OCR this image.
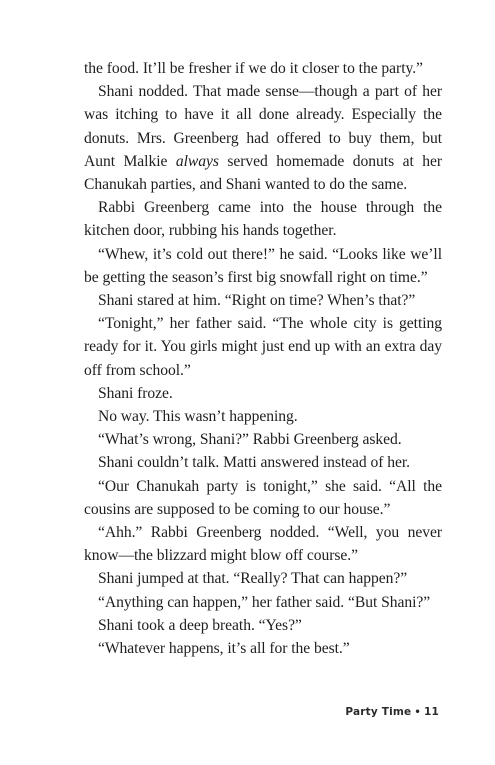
the food. It’ll be fresher if we do it closer to the party.”

Shani nodded. That made sense—though a part of her was itching to have it all done already. Especially the donuts. Mrs. Greenberg had offered to buy them, but Aunt Malkie always served homemade donuts at her Chanukah parties, and Shani wanted to do the same.

Rabbi Greenberg came into the house through the kitchen door, rubbing his hands together.

“Whew, it’s cold out there!” he said. “Looks like we’ll be getting the season’s first big snowfall right on time.”

Shani stared at him. “Right on time? When’s that?”

“Tonight,” her father said. “The whole city is getting ready for it. You girls might just end up with an extra day off from school.”

Shani froze.

No way. This wasn’t happening.

“What’s wrong, Shani?” Rabbi Greenberg asked.

Shani couldn’t talk. Matti answered instead of her.

“Our Chanukah party is tonight,” she said. “All the cousins are supposed to be coming to our house.”

“Ahh.” Rabbi Greenberg nodded. “Well, you never know—the blizzard might blow off course.”

Shani jumped at that. “Really? That can happen?”

“Anything can happen,” her father said. “But Shani?”

Shani took a deep breath. “Yes?”

“Whatever happens, it’s all for the best.”

Party Time • 11
